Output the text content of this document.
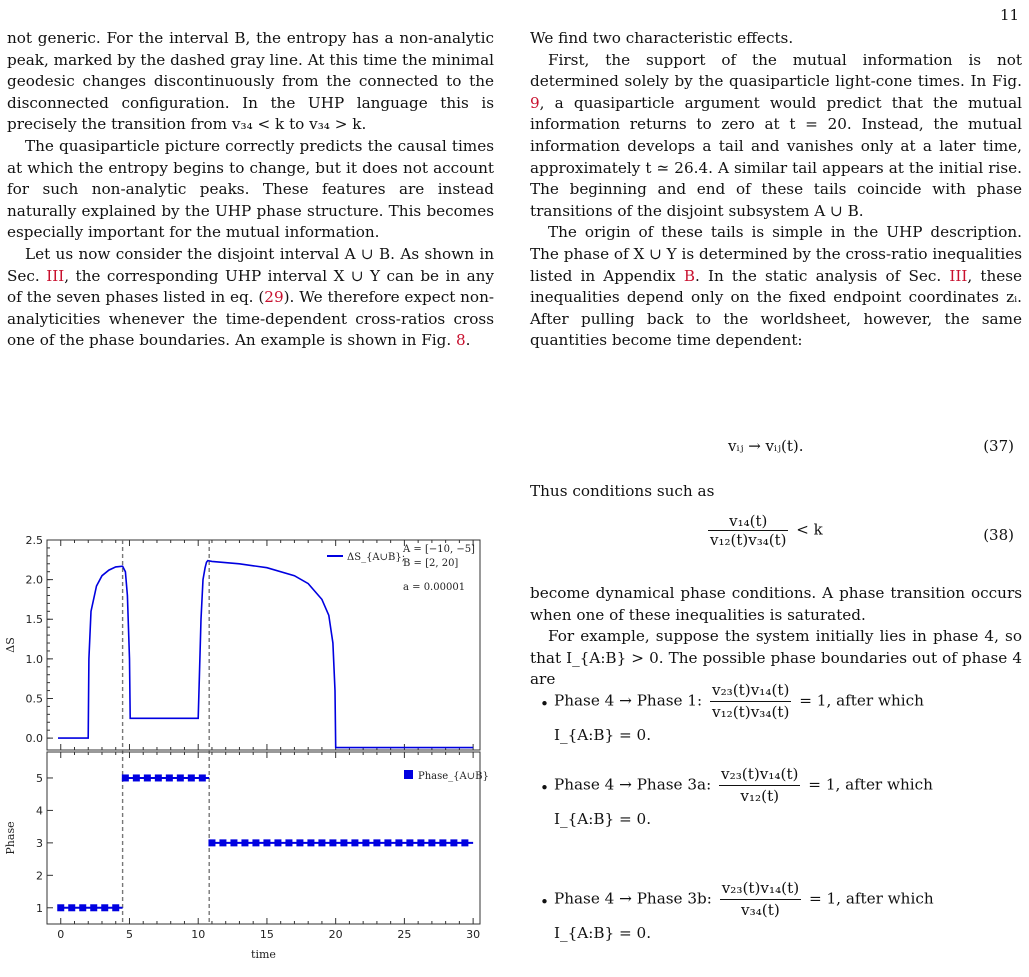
11

not generic. For the interval B, the entropy has a non-analytic peak, marked by the dashed gray line. At this time the minimal geodesic changes discontinuously from the connected to the disconnected configuration. In the UHP language this is precisely the transition from v₃₄ < k to v₃₄ > k.

The quasiparticle picture correctly predicts the causal times at which the entropy begins to change, but it does not account for such non-analytic peaks. These features are instead naturally explained by the UHP phase structure. This becomes especially important for the mutual information.

Let us now consider the disjoint interval A ∪ B. As shown in Sec. III, the corresponding UHP interval X ∪ Y can be in any of the seven phases listed in eq. (29). We therefore expect non-analyticities whenever the time-dependent cross-ratios cross one of the phase boundaries. An example is shown in Fig. 8.

0.0
0.5
1.0
1.5
2.0
2.5
ΔS
ΔS_{A∪B};
A = [−10, −5]
B = [2, 20]
a = 0.00001
1
2
3
4
5
0	5	10	15	20	25	30
Phase
time
Phase_{A∪B}

We find two characteristic effects.

First, the support of the mutual information is not determined solely by the quasiparticle light-cone times. In Fig. 9, a quasiparticle argument would predict that the mutual information returns to zero at t = 20. Instead, the mutual information develops a tail and vanishes only at a later time, approximately t ≃ 26.4. A similar tail appears at the initial rise. The beginning and end of these tails coincide with phase transitions of the disjoint subsystem A ∪ B.

The origin of these tails is simple in the UHP description. The phase of X ∪ Y is determined by the cross-ratio inequalities listed in Appendix B. In the static analysis of Sec. III, these inequalities depend only on the fixed endpoint coordinates zᵢ. After pulling back to the worldsheet, however, the same quantities become time dependent:

vᵢⱼ → vᵢⱼ(t).	(37)

Thus conditions such as

$\frac{\text{v₁₄(t)}}{\text{v₁₂(t)v₃₄(t)}} < k$	(38)

become dynamical phase conditions. A phase transition occurs when one of these inequalities is saturated.

For example, suppose the system initially lies in phase 4, so that I_{A:B} > 0. The possible phase boundaries out of phase 4 are

• Phase 4 → Phase 1: $\frac{\text{v₂₃(t)v₁₄(t)}}{\text{v₁₂(t)v₃₄(t)}} = 1$, after which
I_{A:B} = 0.
• Phase 4 → Phase 3a: $\frac{\text{v₂₃(t)v₁₄(t)}}{\text{v₁₂(t)}} = 1$, after which
I_{A:B} = 0.
• Phase 4 → Phase 3b: $\frac{\text{v₂₃(t)v₁₄(t)}}{\text{v₃₄(t)}} = 1$, after which
I_{A:B} = 0.
